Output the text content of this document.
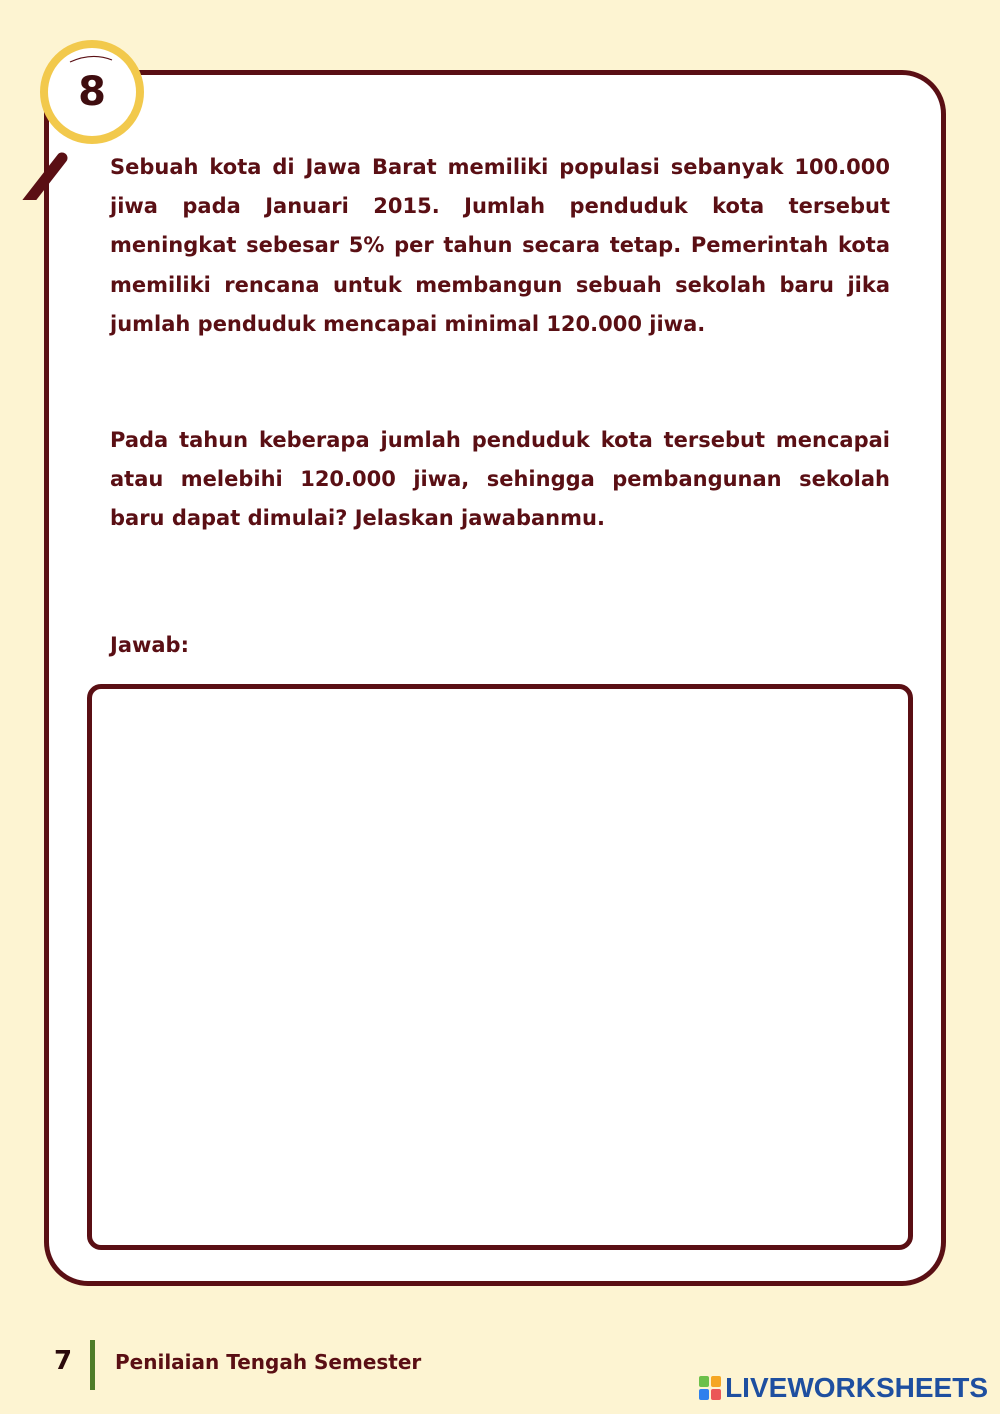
8

Sebuah kota di Jawa Barat memiliki populasi sebanyak 100.000 jiwa pada Januari 2015. Jumlah penduduk kota tersebut meningkat sebesar 5% per tahun secara tetap. Pemerintah kota memiliki rencana untuk membangun sebuah sekolah baru jika jumlah penduduk mencapai minimal 120.000 jiwa.

Pada tahun keberapa jumlah penduduk kota tersebut mencapai atau melebihi 120.000 jiwa, sehingga pembangunan sekolah baru dapat dimulai? Jelaskan jawabanmu.

Jawab:
7 Penilaian Tengah Semester
LIVEWORKSHEETS
